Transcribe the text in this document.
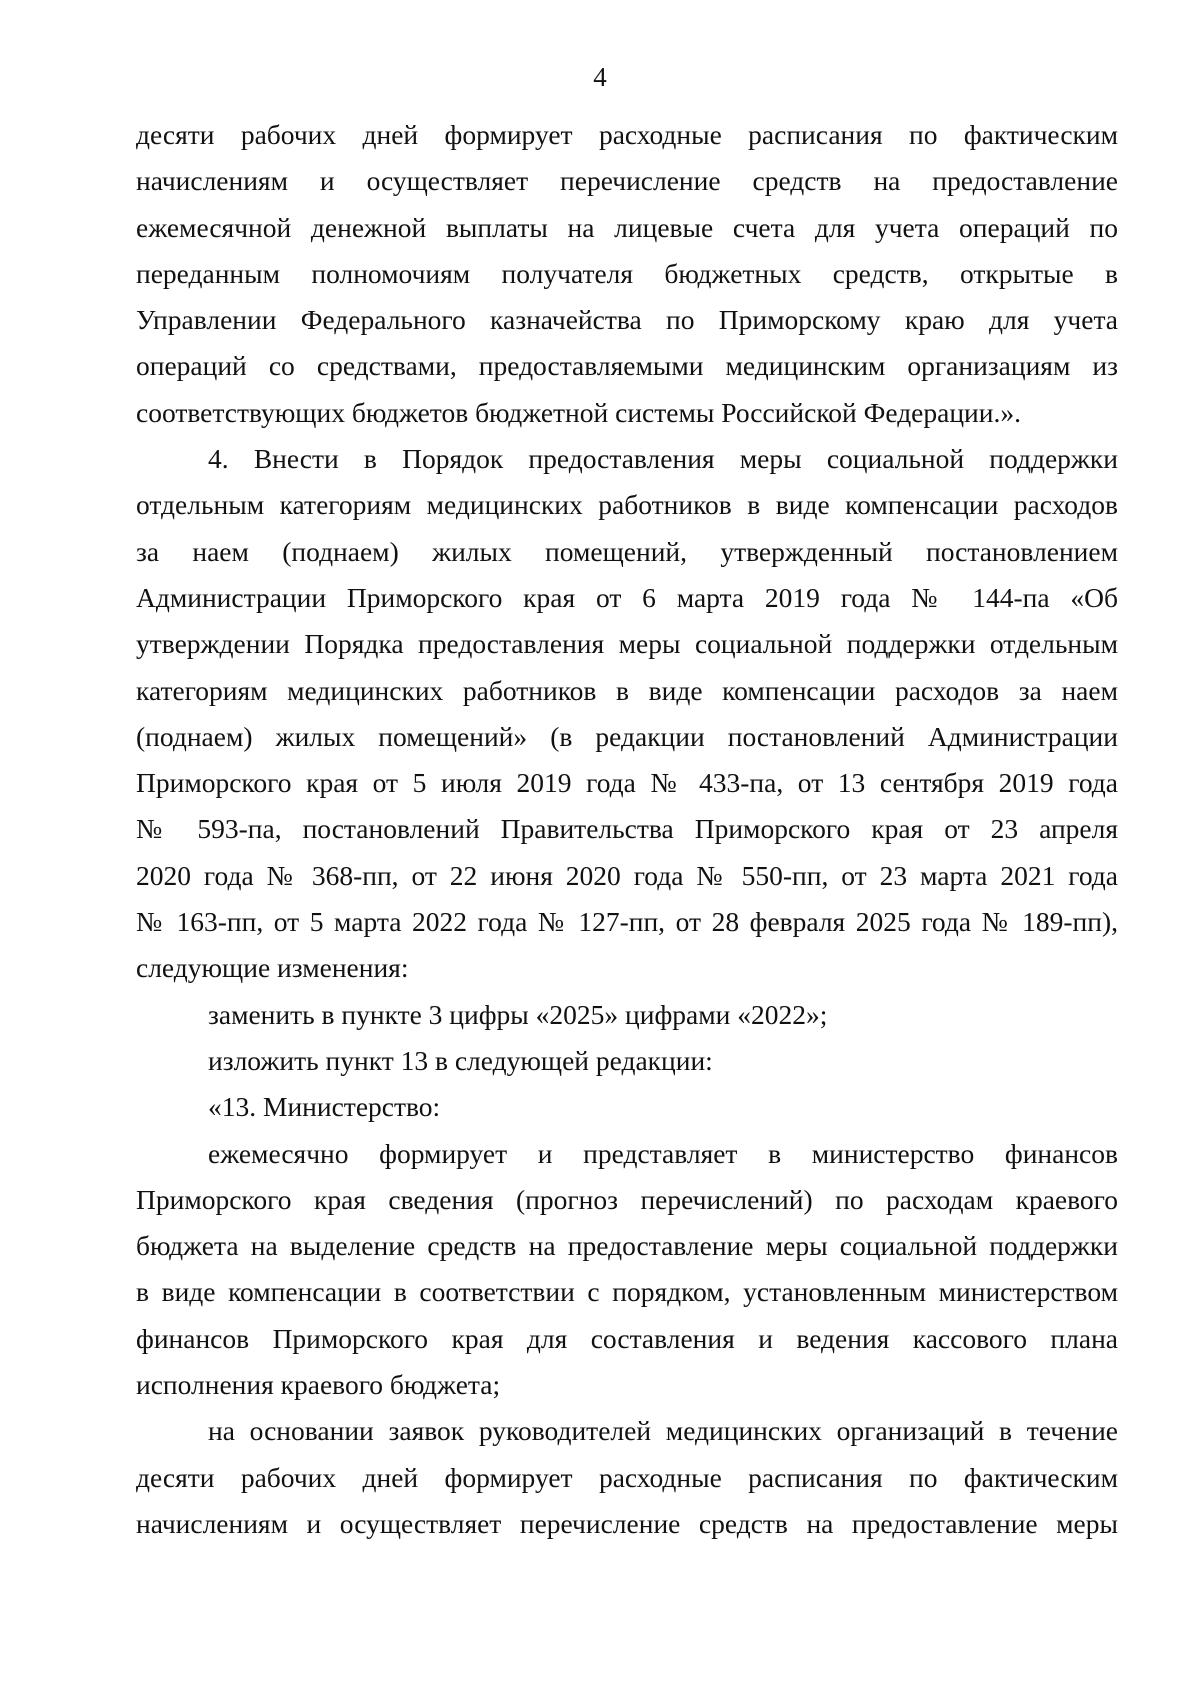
4
десяти рабочих дней формирует расходные расписания по фактическим
начислениям и осуществляет перечисление средств на предоставление
ежемесячной денежной выплаты на лицевые счета для учета операций по
переданным полномочиям получателя бюджетных средств, открытые в
Управлении Федерального казначейства по Приморскому краю для учета
операций со средствами, предоставляемыми медицинским организациям из
соответствующих бюджетов бюджетной системы Российской Федерации.».
4. Внести в Порядок предоставления меры социальной поддержки
отдельным категориям медицинских работников в виде компенсации расходов
за наем (поднаем) жилых помещений, утвержденный постановлением
Администрации Приморского края от 6 марта 2019 года № 144-па «Об
утверждении Порядка предоставления меры социальной поддержки отдельным
категориям медицинских работников в виде компенсации расходов за наем
(поднаем) жилых помещений» (в редакции постановлений Администрации
Приморского края от 5 июля 2019 года № 433-па, от 13 сентября 2019 года
№ 593-па, постановлений Правительства Приморского края от 23 апреля
2020 года № 368-пп, от 22 июня 2020 года № 550-пп, от 23 марта 2021 года
№ 163-пп, от 5 марта 2022 года № 127-пп, от 28 февраля 2025 года № 189-пп),
следующие изменения:
заменить в пункте 3 цифры «2025» цифрами «2022»;
изложить пункт 13 в следующей редакции:
«13. Министерство:
ежемесячно формирует и представляет в министерство финансов
Приморского края сведения (прогноз перечислений) по расходам краевого
бюджета на выделение средств на предоставление меры социальной поддержки
в виде компенсации в соответствии с порядком, установленным министерством
финансов Приморского края для составления и ведения кассового плана
исполнения краевого бюджета;
на основании заявок руководителей медицинских организаций в течение
десяти рабочих дней формирует расходные расписания по фактическим
начислениям и осуществляет перечисление средств на предоставление меры
